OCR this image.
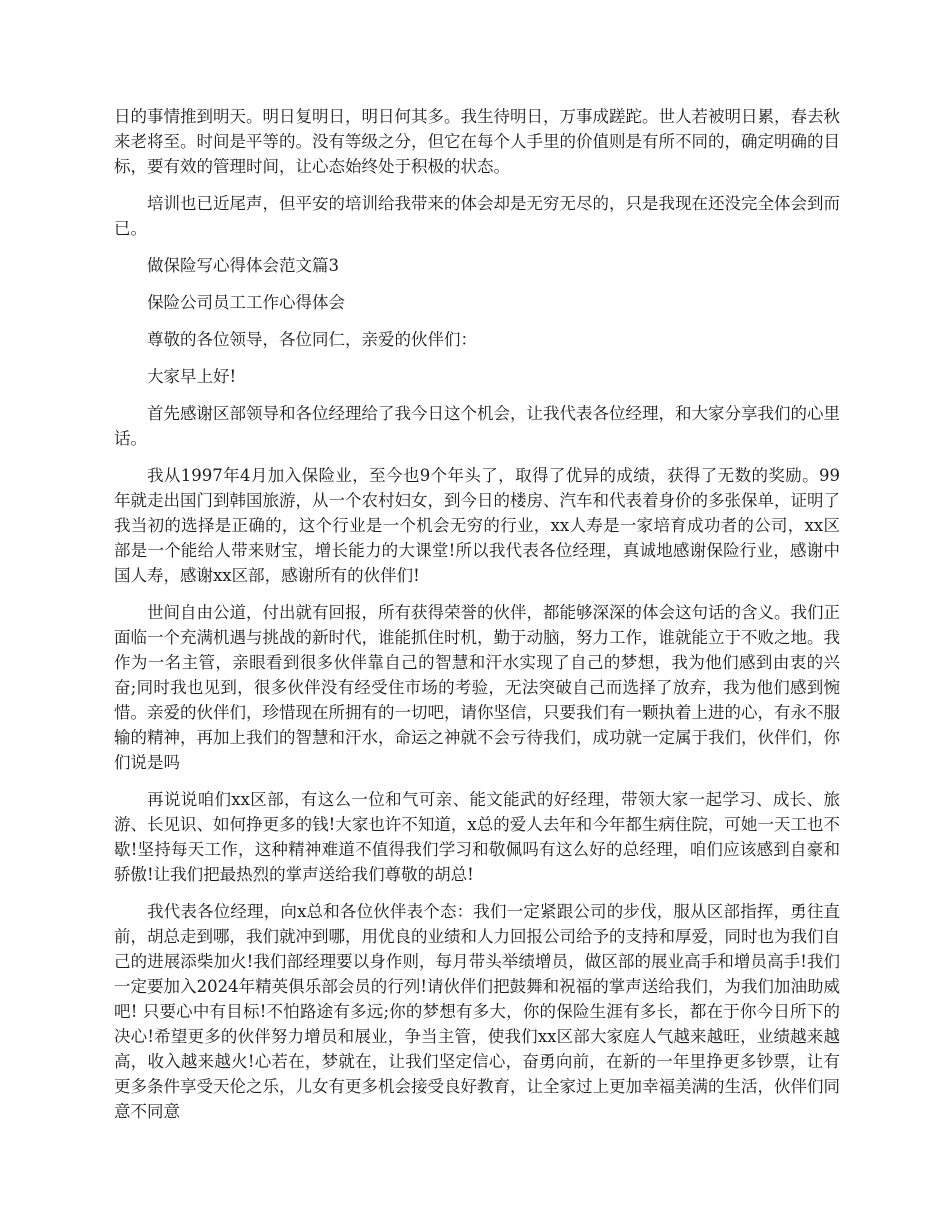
日的事情推到明天。明日复明日，明日何其多。我生待明日，万事成蹉跎。世人若被明日累，春去秋来老将至。时间是平等的。没有等级之分，但它在每个人手里的价值则是有所不同的，确定明确的目标，要有效的管理时间，让心态始终处于积极的状态。

培训也已近尾声，但平安的培训给我带来的体会却是无穷无尽的，只是我现在还没完全体会到而已。

做保险写心得体会范文篇3

保险公司员工工作心得体会

尊敬的各位领导，各位同仁，亲爱的伙伴们：

大家早上好!

首先感谢区部领导和各位经理给了我今日这个机会，让我代表各位经理，和大家分享我们的心里话。

我从1997年4月加入保险业，至今也9个年头了，取得了优异的成绩，获得了无数的奖励。99年就走出国门到韩国旅游，从一个农村妇女，到今日的楼房、汽车和代表着身价的多张保单，证明了我当初的选择是正确的，这个行业是一个机会无穷的行业，xx人寿是一家培育成功者的公司，xx区部是一个能给人带来财宝，增长能力的大课堂!所以我代表各位经理，真诚地感谢保险行业，感谢中国人寿，感谢xx区部，感谢所有的伙伴们!

世间自由公道，付出就有回报，所有获得荣誉的伙伴，都能够深深的体会这句话的含义。我们正面临一个充满机遇与挑战的新时代，谁能抓住时机，勤于动脑，努力工作，谁就能立于不败之地。我作为一名主管，亲眼看到很多伙伴靠自己的智慧和汗水实现了自己的梦想，我为他们感到由衷的兴奋;同时我也见到，很多伙伴没有经受住市场的考验，无法突破自己而选择了放弃，我为他们感到惋惜。亲爱的伙伴们，珍惜现在所拥有的一切吧，请你坚信，只要我们有一颗执着上进的心，有永不服输的精神，再加上我们的智慧和汗水，命运之神就不会亏待我们，成功就一定属于我们，伙伴们，你们说是吗

再说说咱们xx区部，有这么一位和气可亲、能文能武的好经理，带领大家一起学习、成长、旅游、长见识、如何挣更多的钱!大家也许不知道，x总的爱人去年和今年都生病住院，可她一天工也不歇!坚持每天工作，这种精神难道不值得我们学习和敬佩吗有这么好的总经理，咱们应该感到自豪和骄傲!让我们把最热烈的掌声送给我们尊敬的胡总!

我代表各位经理，向x总和各位伙伴表个态：我们一定紧跟公司的步伐，服从区部指挥，勇往直前，胡总走到哪，我们就冲到哪，用优良的业绩和人力回报公司给予的支持和厚爱，同时也为我们自己的进展添柴加火!我们部经理要以身作则，每月带头举绩增员，做区部的展业高手和增员高手!我们一定要加入2024年精英俱乐部会员的行列!请伙伴们把鼓舞和祝福的掌声送给我们，为我们加油助威吧! 只要心中有目标!不怕路途有多远;你的梦想有多大，你的保险生涯有多长，都在于你今日所下的决心!希望更多的伙伴努力增员和展业，争当主管，使我们xx区部大家庭人气越来越旺，业绩越来越高，收入越来越火!心若在，梦就在，让我们坚定信心，奋勇向前，在新的一年里挣更多钞票，让有更多条件享受天伦之乐，儿女有更多机会接受良好教育，让全家过上更加幸福美满的生活，伙伴们同意不同意
